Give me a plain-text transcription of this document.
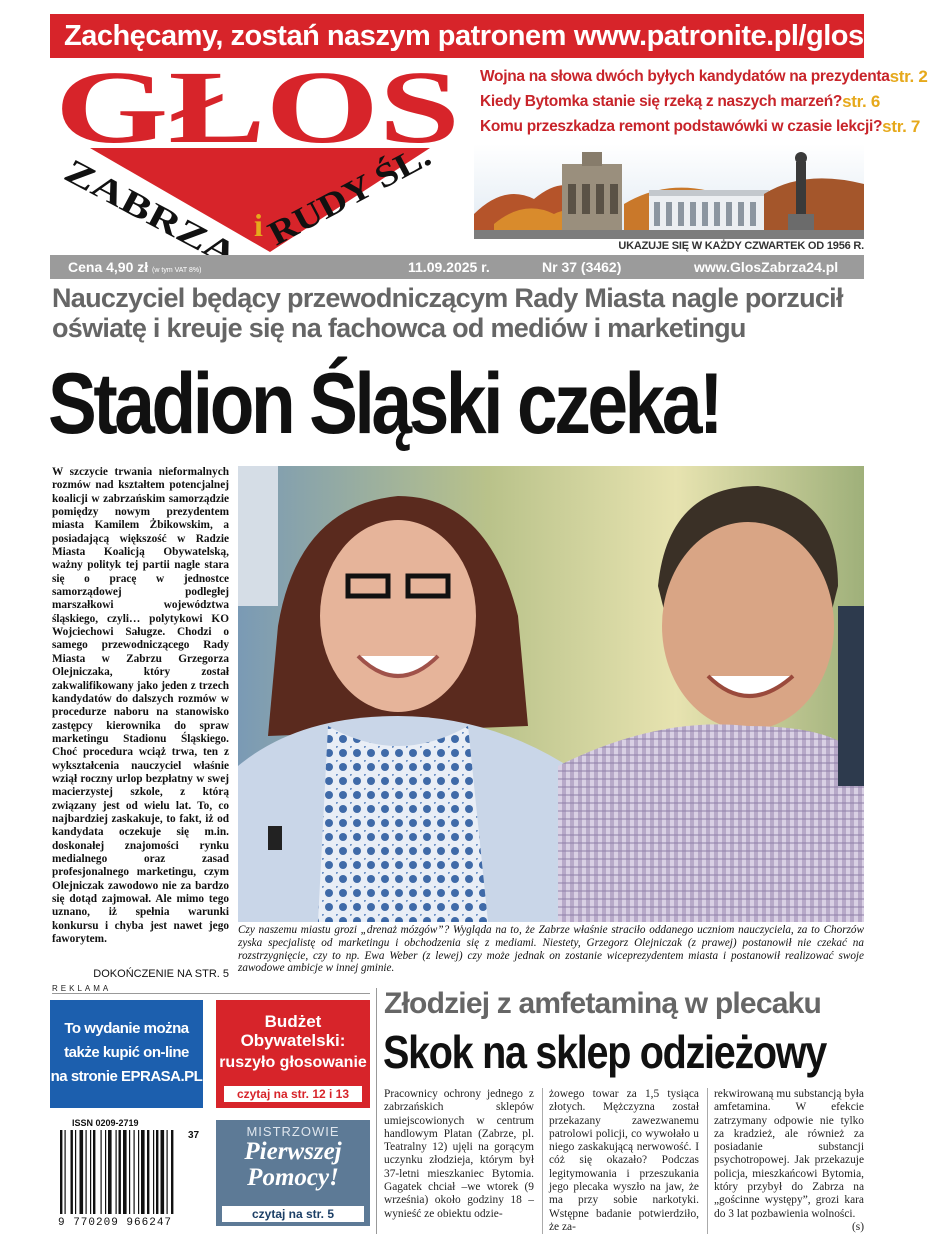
Zachęcamy, zostań naszym patronem www.patronite.pl/gloszabrza
GŁOS
ZABRZA	i RUDY ŚL.
Wojna na słowa dwóch byłych kandydatów na prezydenta str. 2
Kiedy Bytomka stanie się rzeką z naszych marzeń? str. 6
Komu przeszkadza remont podstawówki w czasie lekcji? str. 7
UKAZUJE SIĘ W KAŻDY CZWARTEK OD 1956 R.
Cena 4,90 zł (w tym VAT 8%)	11.09.2025 r.	Nr 37 (3462)	www.GlosZabrza24.pl
Nauczyciel będący przewodniczącym Rady Miasta nagle porzucił oświatę i kreuje się na fachowca od mediów i marketingu
Stadion Śląski czeka!
W szczycie trwania nieformalnych rozmów nad kształtem potencjalnej koalicji w zabrzańskim samorządzie pomiędzy nowym prezydentem miasta Kamilem Żbikowskim, a posiadającą większość w Radzie Miasta Koalicją Obywatelską, ważny polityk tej partii nagle stara się o pracę w jednostce samorządowej podległej marszałkowi województwa śląskiego, czyli… polytykowi KO Wojciechowi Saługze. Chodzi o samego przewodniczącego Rady Miasta w Zabrzu Grzegorza Olejniczaka, który został zakwalifikowany jako jeden z trzech kandydatów do dalszych rozmów w procedurze naboru na stanowisko zastępcy kierownika do spraw marketingu Stadionu Śląskiego. Choć procedura wciąż trwa, ten z wykształcenia nauczyciel właśnie wziął roczny urlop bezpłatny w swej macierzystej szkole, z którą związany jest od wielu lat. To, co najbardziej zaskakuje, to fakt, iż od kandydata oczekuje się m.in. doskonałej znajomości rynku medialnego oraz zasad profesjonalnego marketingu, czym Olejniczak zawodowo nie za bardzo się dotąd zajmował. Ale mimo tego uznano, iż spełnia warunki konkursu i chyba jest nawet jego faworytem.
DOKOŃCZENIE NA STR. 5
Czy naszemu miastu grozi „drenaż mózgów”? Wygląda na to, że Zabrze właśnie straciło oddanego uczniom nauczyciela, za to Chorzów zyska specjalistę od marketingu i obchodzenia się z mediami. Niestety, Grzegorz Olejniczak (z prawej) postanowił nie czekać na rozstrzygnięcie, czy to np. Ewa Weber (z lewej) czy może jednak on zostanie wiceprezydentem miasta i postanowił realizować swoje zawodowe ambicje w innej gminie.
REKLAMA
To wydanie można
także kupić on-line
na stronie EPRASA.PL
Budżet Obywatelski:
ruszyło głosowanie
czytaj na str. 12 i 13
ISSN 0209-2719
37
9 770209 966247
MISTRZOWIE
Pierwszej
Pomocy!
czytaj na str. 5
Złodziej z amfetaminą w plecaku
Skok na sklep odzieżowy
Pracownicy ochrony jednego z zabrzańskich sklepów umiejscowionych w centrum handlowym Platan (Zabrze, pl. Teatralny 12) ujęli na gorącym uczynku złodzieja, którym był 37-letni mieszkaniec Bytomia. Gagatek chciał –we wtorek (9 września) około godziny 18 – wynieść ze obiektu odzie-
żowego towar za 1,5 tysiąca złotych. Mężczyzna został przekazany zawezwanemu patrolowi policji, co wywołało u niego zaskakującą nerwowość. I cóż się okazało? Podczas legitymowania i przeszukania jego plecaka wyszło na jaw, że ma przy sobie narkotyki. Wstępne badanie potwierdziło, że za-
rekwirowaną mu substancją była amfetamina. W efekcie zatrzymany odpowie nie tylko za kradzież, ale również za posiadanie substancji psychotropowej. Jak przekazuje policja, mieszkańcowi Bytomia, który przybył do Zabrza na „gościnne występy”, grozi kara do 3 lat pozbawienia wolności.
(s)
